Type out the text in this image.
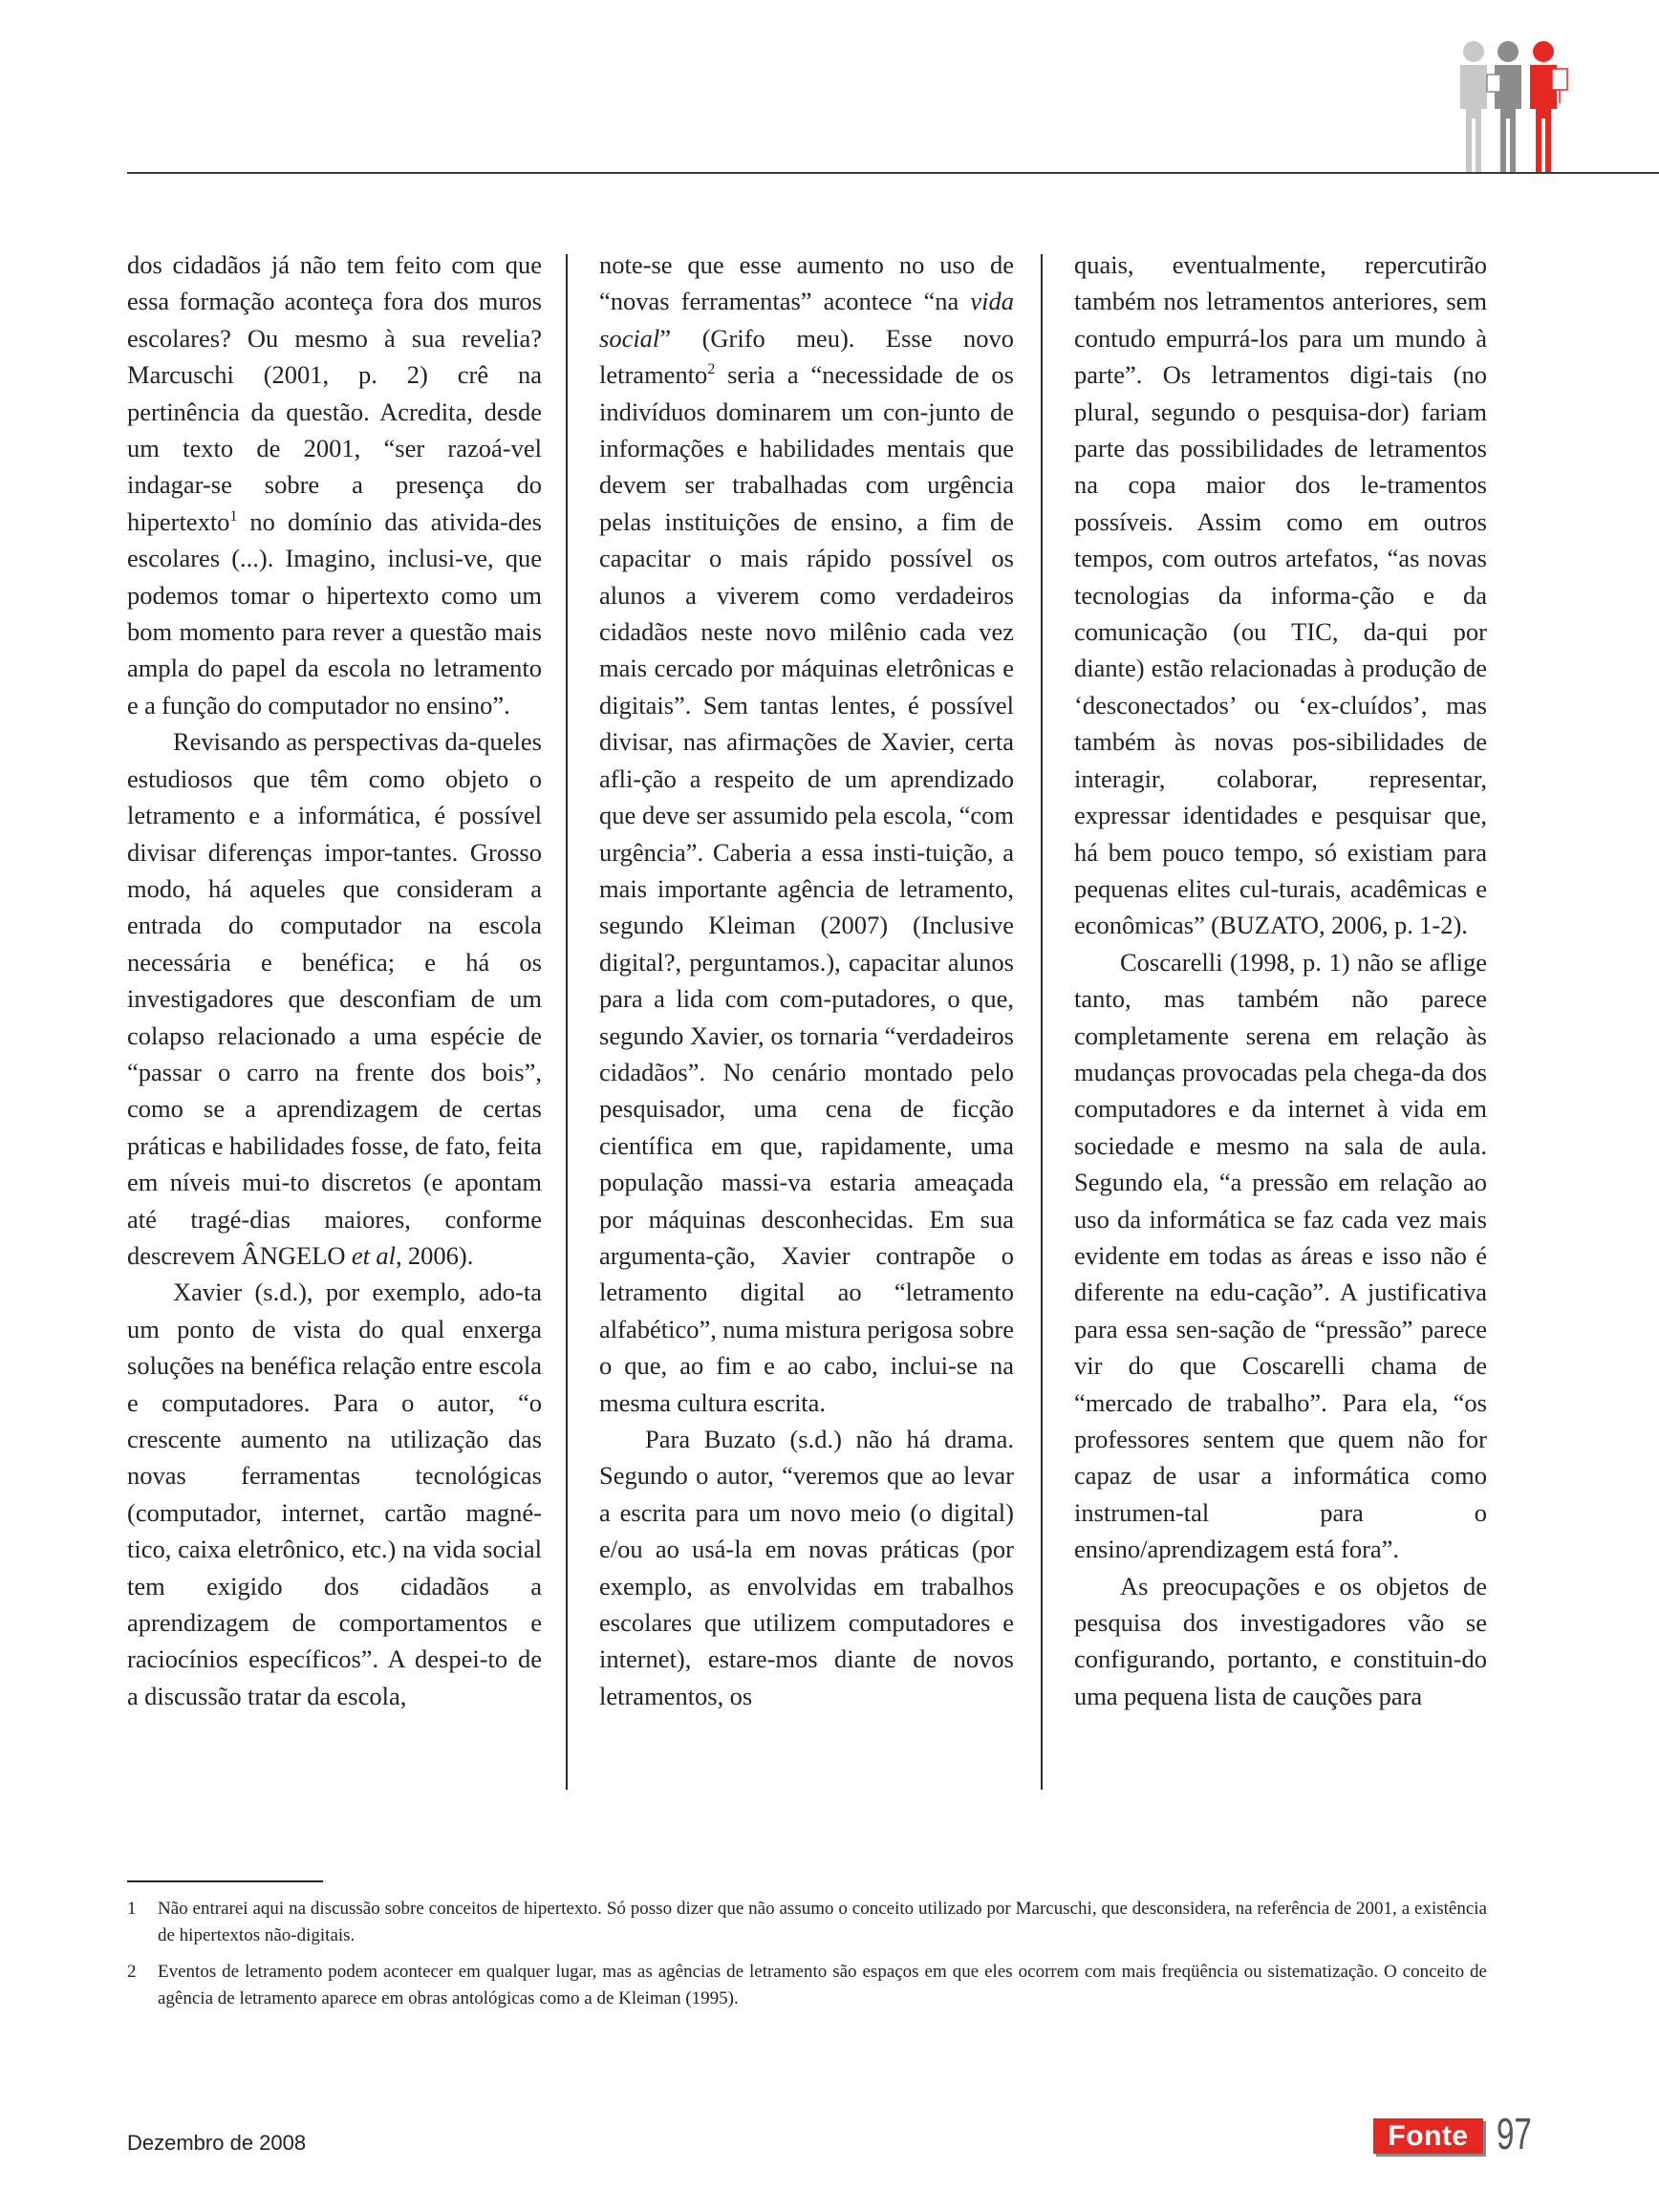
dos cidadãos já não tem feito com que essa formação aconteça fora dos muros escolares? Ou mesmo à sua revelia? Marcuschi (2001, p. 2) crê na pertinência da questão. Acredita, desde um texto de 2001, “ser razoá-vel indagar-se sobre a presença do hipertexto$^1$ no domínio das ativida-des escolares (...). Imagino, inclusi-ve, que podemos tomar o hipertexto como um bom momento para rever a questão mais ampla do papel da escola no letramento e a função do computador no ensino”.

Revisando as perspectivas da-queles estudiosos que têm como objeto o letramento e a informática, é possível divisar diferenças impor-tantes. Grosso modo, há aqueles que consideram a entrada do computador na escola necessária e benéfica; e há os investigadores que desconfiam de um colapso relacionado a uma espécie de “passar o carro na frente dos bois”, como se a aprendizagem de certas práticas e habilidades fosse, de fato, feita em níveis mui-to discretos (e apontam até tragé-dias maiores, conforme descrevem ÂNGELO et al, 2006).

Xavier (s.d.), por exemplo, ado-ta um ponto de vista do qual enxerga soluções na benéfica relação entre escola e computadores. Para o autor, “o crescente aumento na utilização das novas ferramentas tecnológicas (computador, internet, cartão magné-tico, caixa eletrônico, etc.) na vida social tem exigido dos cidadãos a aprendizagem de comportamentos e raciocínios específicos”. A despei-to de a discussão tratar da escola,

note-se que esse aumento no uso de “novas ferramentas” acontece “na vida social” (Grifo meu). Esse novo letramento$^2$ seria a “necessidade de os indivíduos dominarem um con-junto de informações e habilidades mentais que devem ser trabalhadas com urgência pelas instituições de ensino, a fim de capacitar o mais rápido possível os alunos a viverem como verdadeiros cidadãos neste novo milênio cada vez mais cercado por máquinas eletrônicas e digitais”. Sem tantas lentes, é possível divisar, nas afirmações de Xavier, certa afli-ção a respeito de um aprendizado que deve ser assumido pela escola, “com urgência”. Caberia a essa insti-tuição, a mais importante agência de letramento, segundo Kleiman (2007) (Inclusive digital?, perguntamos.), capacitar alunos para a lida com com-putadores, o que, segundo Xavier, os tornaria “verdadeiros cidadãos”. No cenário montado pelo pesquisador, uma cena de ficção científica em que, rapidamente, uma população massi-va estaria ameaçada por máquinas desconhecidas. Em sua argumenta-ção, Xavier contrapõe o letramento digital ao “letramento alfabético”, numa mistura perigosa sobre o que, ao fim e ao cabo, inclui-se na mesma cultura escrita.

Para Buzato (s.d.) não há drama. Segundo o autor, “veremos que ao levar a escrita para um novo meio (o digital) e/ou ao usá-la em novas práticas (por exemplo, as envolvidas em trabalhos escolares que utilizem computadores e internet), estare-mos diante de novos letramentos, os

quais, eventualmente, repercutirão também nos letramentos anteriores, sem contudo empurrá-los para um mundo à parte”. Os letramentos digi-tais (no plural, segundo o pesquisa-dor) fariam parte das possibilidades de letramentos na copa maior dos le-tramentos possíveis. Assim como em outros tempos, com outros artefatos, “as novas tecnologias da informa-ção e da comunicação (ou TIC, da-qui por diante) estão relacionadas à produção de ‘desconectados’ ou ‘ex-cluídos’, mas também às novas pos-sibilidades de interagir, colaborar, representar, expressar identidades e pesquisar que, há bem pouco tempo, só existiam para pequenas elites cul-turais, acadêmicas e econômicas” (BUZATO, 2006, p. 1-2).

Coscarelli (1998, p. 1) não se aflige tanto, mas também não parece completamente serena em relação às mudanças provocadas pela chega-da dos computadores e da internet à vida em sociedade e mesmo na sala de aula. Segundo ela, “a pressão em relação ao uso da informática se faz cada vez mais evidente em todas as áreas e isso não é diferente na edu-cação”. A justificativa para essa sen-sação de “pressão” parece vir do que Coscarelli chama de “mercado de trabalho”. Para ela, “os professores sentem que quem não for capaz de usar a informática como instrumen-tal para o ensino/aprendizagem está fora”.

As preocupações e os objetos de pesquisa dos investigadores vão se configurando, portanto, e constituin-do uma pequena lista de cauções para

1 Não entrarei aqui na discussão sobre conceitos de hipertexto. Só posso dizer que não assumo o conceito utilizado por Marcuschi, que desconsidera, na referência de 2001, a existência de hipertextos não-digitais.
2 Eventos de letramento podem acontecer em qualquer lugar, mas as agências de letramento são espaços em que eles ocorrem com mais freqüência ou sistematização. O conceito de agência de letramento aparece em obras antológicas como a de Kleiman (1995).
Dezembro de 2008	Fonte 97
